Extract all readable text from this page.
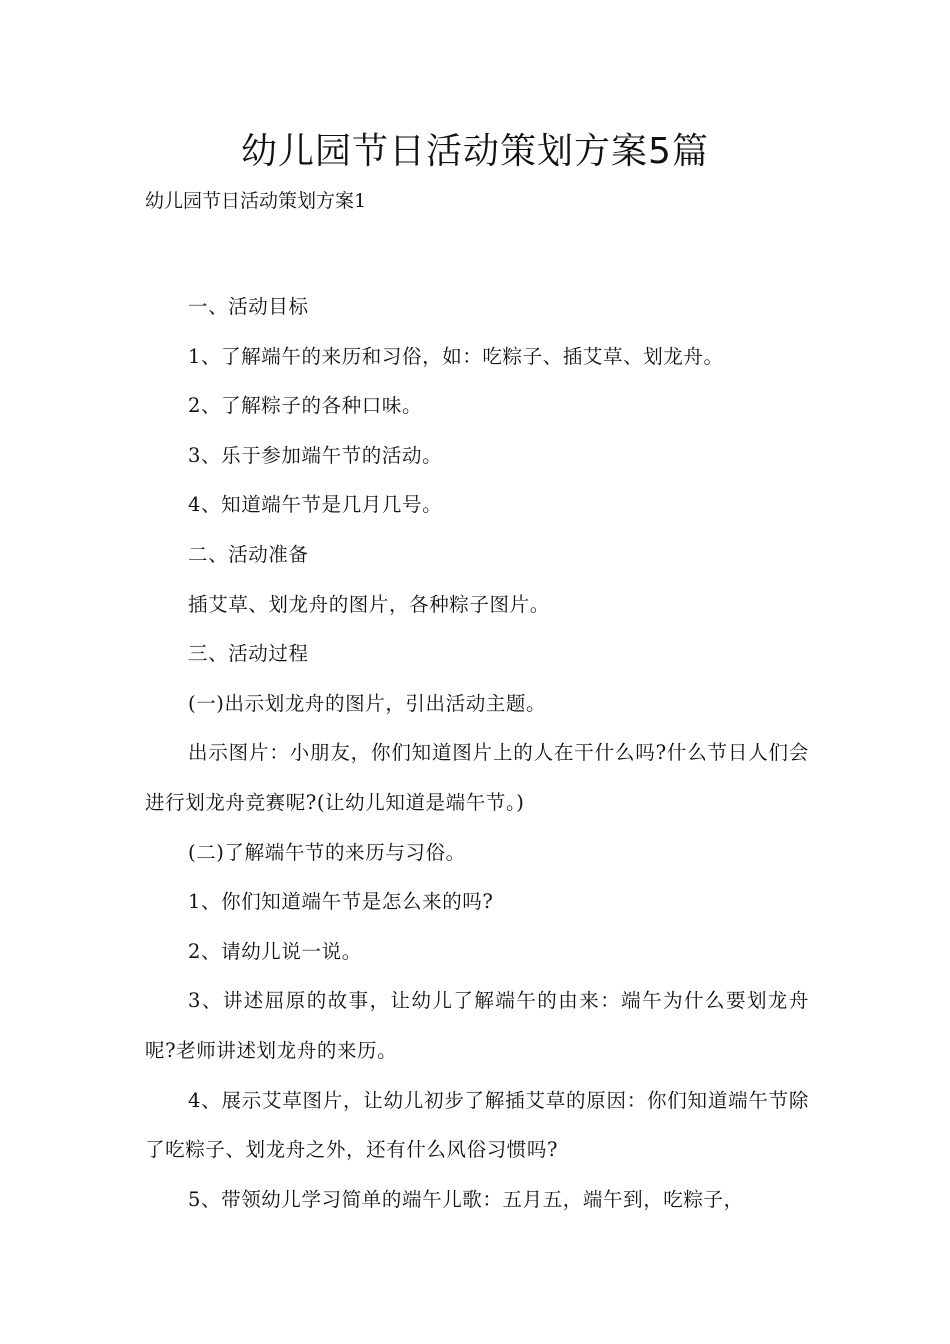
幼儿园节日活动策划方案5篇

幼儿园节日活动策划方案1

一、活动目标

1、了解端午的来历和习俗，如：吃粽子、插艾草、划龙舟。

2、了解粽子的各种口味。

3、乐于参加端午节的活动。

4、知道端午节是几月几号。

二、活动准备

插艾草、划龙舟的图片，各种粽子图片。

三、活动过程

(一)出示划龙舟的图片，引出活动主题。

出示图片：小朋友，你们知道图片上的人在干什么吗?什么节日人们会进行划龙舟竞赛呢?(让幼儿知道是端午节。)

(二)了解端午节的来历与习俗。

1、你们知道端午节是怎么来的吗?

2、请幼儿说一说。

3、讲述屈原的故事，让幼儿了解端午的由来：端午为什么要划龙舟呢?老师讲述划龙舟的来历。

4、展示艾草图片，让幼儿初步了解插艾草的原因：你们知道端午节除了吃粽子、划龙舟之外，还有什么风俗习惯吗?

5、带领幼儿学习简单的端午儿歌：五月五，端午到，吃粽子，
